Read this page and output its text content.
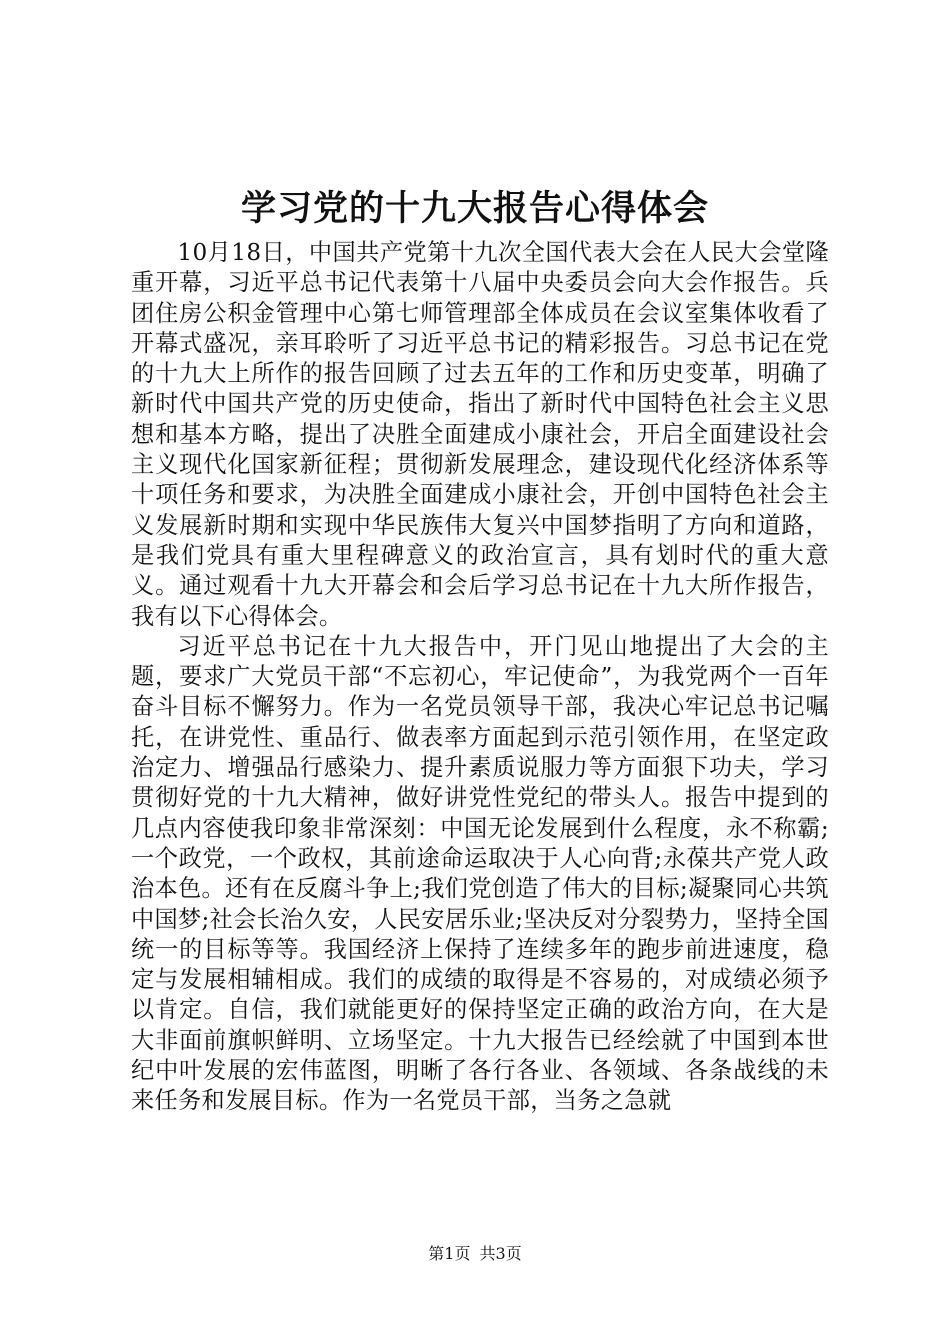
学习党的十九大报告心得体会

10月18日，中国共产党第十九次全国代表大会在人民大会堂隆重开幕，习近平总书记代表第十八届中央委员会向大会作报告。兵团住房公积金管理中心第七师管理部全体成员在会议室集体收看了开幕式盛况，亲耳聆听了习近平总书记的精彩报告。习总书记在党的十九大上所作的报告回顾了过去五年的工作和历史变革，明确了新时代中国共产党的历史使命，指出了新时代中国特色社会主义思想和基本方略，提出了决胜全面建成小康社会，开启全面建设社会主义现代化国家新征程；贯彻新发展理念，建设现代化经济体系等十项任务和要求，为决胜全面建成小康社会，开创中国特色社会主义发展新时期和实现中华民族伟大复兴中国梦指明了方向和道路，是我们党具有重大里程碑意义的政治宣言，具有划时代的重大意义。通过观看十九大开幕会和会后学习总书记在十九大所作报告，我有以下心得体会。

习近平总书记在十九大报告中，开门见山地提出了大会的主题，要求广大党员干部“不忘初心，牢记使命”，为我党两个一百年奋斗目标不懈努力。作为一名党员领导干部，我决心牢记总书记嘱托，在讲党性、重品行、做表率方面起到示范引领作用，在坚定政治定力、增强品行感染力、提升素质说服力等方面狠下功夫，学习贯彻好党的十九大精神，做好讲党性党纪的带头人。报告中提到的几点内容使我印象非常深刻：中国无论发展到什么程度，永不称霸;一个政党，一个政权，其前途命运取决于人心向背;永葆共产党人政治本色。还有在反腐斗争上;我们党创造了伟大的目标;凝聚同心共筑中国梦;社会长治久安，人民安居乐业;坚决反对分裂势力，坚持全国统一的目标等等。我国经济上保持了连续多年的跑步前进速度，稳定与发展相辅相成。我们的成绩的取得是不容易的，对成绩必须予以肯定。自信，我们就能更好的保持坚定正确的政治方向，在大是大非面前旗帜鲜明、立场坚定。十九大报告已经绘就了中国到本世纪中叶发展的宏伟蓝图，明晰了各行各业、各领域、各条战线的未来任务和发展目标。作为一名党员干部，当务之急就

第1页 共3页
